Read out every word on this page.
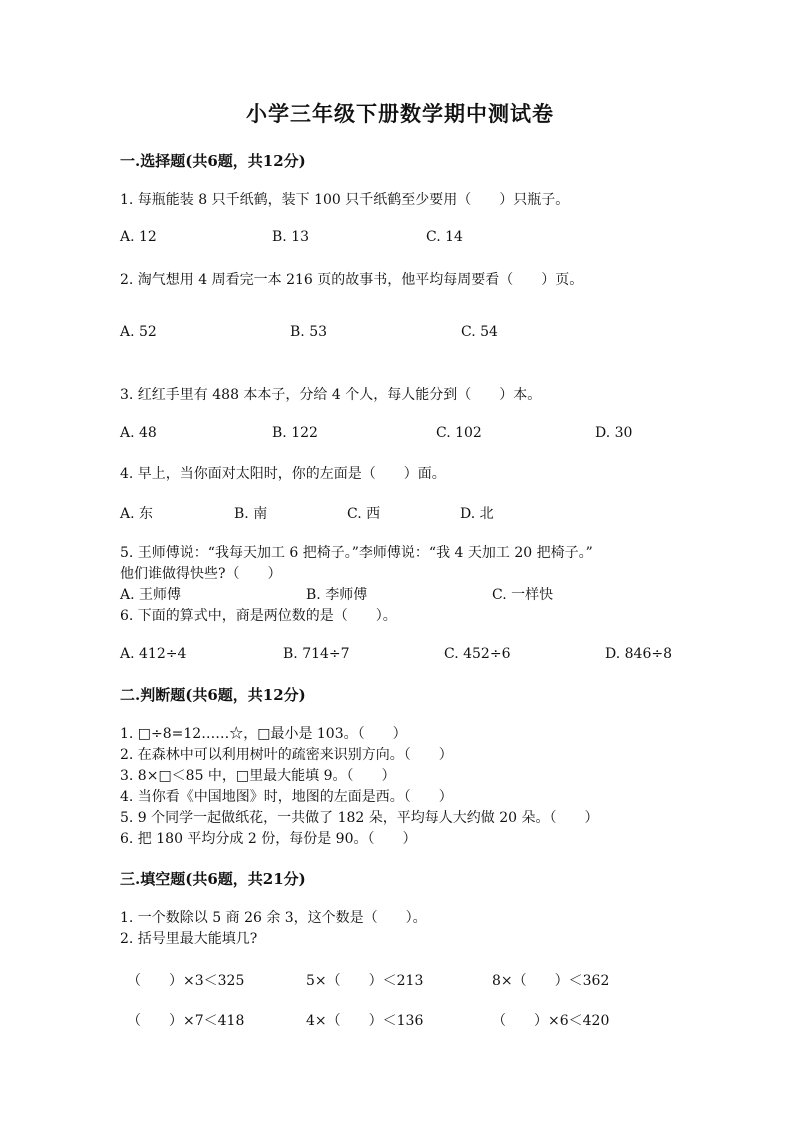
小学三年级下册数学期中测试卷
一.选择题(共6题，共12分)
1. 每瓶能装 8 只千纸鹤，装下 100 只千纸鹤至少要用（　　）只瓶子。
A. 12	B. 13	C. 14
2. 淘气想用 4 周看完一本 216 页的故事书，他平均每周要看（　　）页。
A. 52	B. 53	C. 54
3. 红红手里有 488 本本子，分给 4 个人，每人能分到（　　）本。
A. 48	B. 122	C. 102	D. 30
4. 早上，当你面对太阳时，你的左面是（　　）面。
A. 东	B. 南	C. 西	D. 北
5. 王师傅说：“我每天加工 6 把椅子。”李师傅说：“我 4 天加工 20 把椅子。”
他们谁做得快些?（　　）
A. 王师傅	B. 李师傅	C. 一样快
6. 下面的算式中，商是两位数的是（　　）。
A. 412÷4	B. 714÷7	C. 452÷6	D. 846÷8
二.判断题(共6题，共12分)
1. □÷8=12……☆，□最小是 103。（　　）
2. 在森林中可以利用树叶的疏密来识别方向。（　　）
3. 8×□＜85 中，□里最大能填 9。（　　）
4. 当你看《中国地图》时，地图的左面是西。（　　）
5. 9 个同学一起做纸花，一共做了 182 朵，平均每人大约做 20 朵。（　　）
6. 把 180 平均分成 2 份，每份是 90。（　　）
三.填空题(共6题，共21分)
1. 一个数除以 5 商 26 余 3，这个数是（　　）。
2. 括号里最大能填几?
（　　）×3＜325	5×（　　）＜213	8×（　　）＜362
（　　）×7＜418	4×（　　）＜136	（　　）×6＜420
